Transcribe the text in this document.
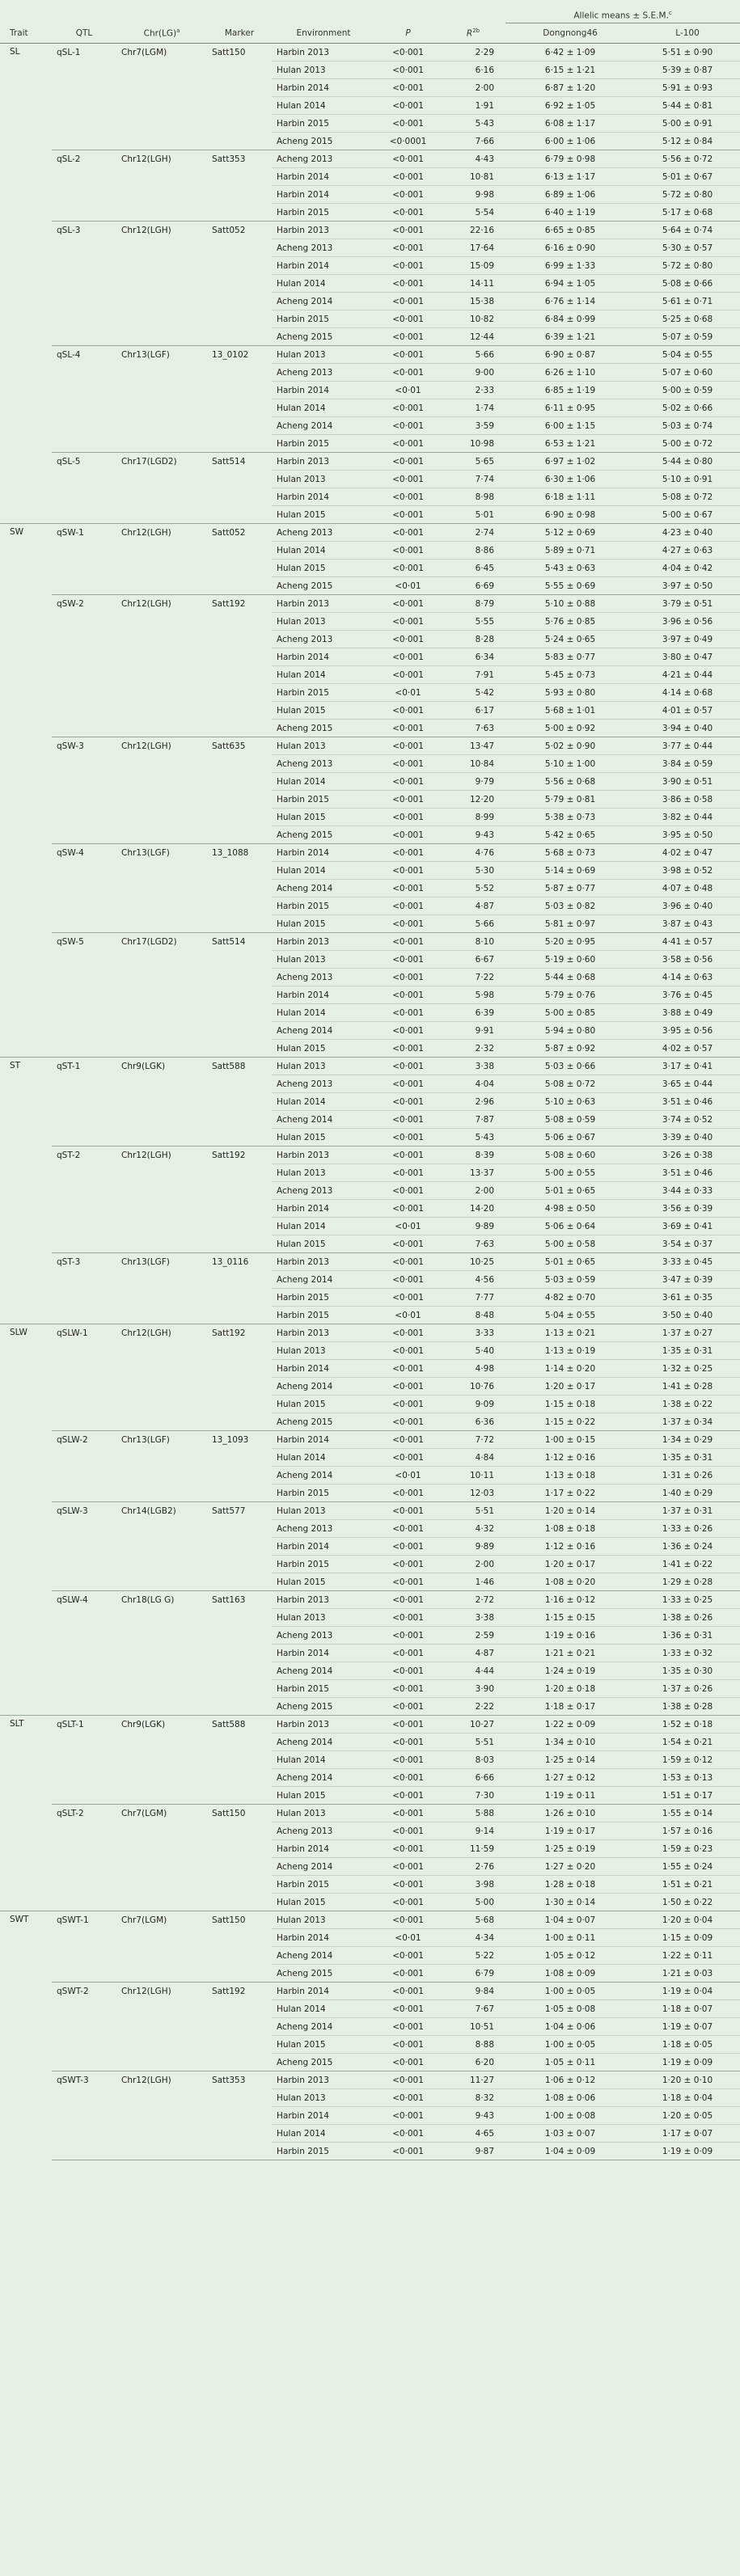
							Allelic means ± S.E.M.$^c$
Trait	QTL	Chr(LG)$^a$	Marker	Environment	P	$R^{2b}$	Dongnong46	L-100
SL	qSL-1	Chr7(LGM)	Satt150	Harbin 2013	<0·001	2·29	6·42 ± 1·09	5·51 ± 0·90
				Hulan 2013	<0·001	6·16	6·15 ± 1·21	5·39 ± 0·87
				Harbin 2014	<0·001	2·00	6·87 ± 1·20	5·91 ± 0·93
				Hulan 2014	<0·001	1·91	6·92 ± 1·05	5·44 ± 0·81
				Harbin 2015	<0·001	5·43	6·08 ± 1·17	5·00 ± 0·91
				Acheng 2015	<0·0001	7·66	6·00 ± 1·06	5·12 ± 0·84
	qSL-2	Chr12(LGH)	Satt353	Acheng 2013	<0·001	4·43	6·79 ± 0·98	5·56 ± 0·72
				Harbin 2014	<0·001	10·81	6·13 ± 1·17	5·01 ± 0·67
				Harbin 2014	<0·001	9·98	6·89 ± 1·06	5·72 ± 0·80
				Harbin 2015	<0·001	5·54	6·40 ± 1·19	5·17 ± 0·68
	qSL-3	Chr12(LGH)	Satt052	Harbin 2013	<0·001	22·16	6·65 ± 0·85	5·64 ± 0·74
				Acheng 2013	<0·001	17·64	6·16 ± 0·90	5·30 ± 0·57
				Harbin 2014	<0·001	15·09	6·99 ± 1·33	5·72 ± 0·80
				Hulan 2014	<0·001	14·11	6·94 ± 1·05	5·08 ± 0·66
				Acheng 2014	<0·001	15·38	6·76 ± 1·14	5·61 ± 0·71
				Harbin 2015	<0·001	10·82	6·84 ± 0·99	5·25 ± 0·68
				Acheng 2015	<0·001	12·44	6·39 ± 1·21	5·07 ± 0·59
	qSL-4	Chr13(LGF)	13_0102	Hulan 2013	<0·001	5·66	6·90 ± 0·87	5·04 ± 0·55
				Acheng 2013	<0·001	9·00	6·26 ± 1·10	5·07 ± 0·60
				Harbin 2014	<0·01	2·33	6·85 ± 1·19	5·00 ± 0·59
				Hulan 2014	<0·001	1·74	6·11 ± 0·95	5·02 ± 0·66
				Acheng 2014	<0·001	3·59	6·00 ± 1·15	5·03 ± 0·74
				Harbin 2015	<0·001	10·98	6·53 ± 1·21	5·00 ± 0·72
	qSL-5	Chr17(LGD2)	Satt514	Harbin 2013	<0·001	5·65	6·97 ± 1·02	5·44 ± 0·80
				Hulan 2013	<0·001	7·74	6·30 ± 1·06	5·10 ± 0·91
				Harbin 2014	<0·001	8·98	6·18 ± 1·11	5·08 ± 0·72
				Hulan 2015	<0·001	5·01	6·90 ± 0·98	5·00 ± 0·67
SW	qSW-1	Chr12(LGH)	Satt052	Acheng 2013	<0·001	2·74	5·12 ± 0·69	4·23 ± 0·40
				Hulan 2014	<0·001	8·86	5·89 ± 0·71	4·27 ± 0·63
				Hulan 2015	<0·001	6·45	5·43 ± 0·63	4·04 ± 0·42
				Acheng 2015	<0·01	6·69	5·55 ± 0·69	3·97 ± 0·50
	qSW-2	Chr12(LGH)	Satt192	Harbin 2013	<0·001	8·79	5·10 ± 0·88	3·79 ± 0·51
				Hulan 2013	<0·001	5·55	5·76 ± 0·85	3·96 ± 0·56
				Acheng 2013	<0·001	8·28	5·24 ± 0·65	3·97 ± 0·49
				Harbin 2014	<0·001	6·34	5·83 ± 0·77	3·80 ± 0·47
				Hulan 2014	<0·001	7·91	5·45 ± 0·73	4·21 ± 0·44
				Harbin 2015	<0·01	5·42	5·93 ± 0·80	4·14 ± 0·68
				Hulan 2015	<0·001	6·17	5·68 ± 1·01	4·01 ± 0·57
				Acheng 2015	<0·001	7·63	5·00 ± 0·92	3·94 ± 0·40
	qSW-3	Chr12(LGH)	Satt635	Hulan 2013	<0·001	13·47	5·02 ± 0·90	3·77 ± 0·44
				Acheng 2013	<0·001	10·84	5·10 ± 1·00	3·84 ± 0·59
				Hulan 2014	<0·001	9·79	5·56 ± 0·68	3·90 ± 0·51
				Harbin 2015	<0·001	12·20	5·79 ± 0·81	3·86 ± 0·58
				Hulan 2015	<0·001	8·99	5·38 ± 0·73	3·82 ± 0·44
				Acheng 2015	<0·001	9·43	5·42 ± 0·65	3·95 ± 0·50
	qSW-4	Chr13(LGF)	13_1088	Harbin 2014	<0·001	4·76	5·68 ± 0·73	4·02 ± 0·47
				Hulan 2014	<0·001	5·30	5·14 ± 0·69	3·98 ± 0·52
				Acheng 2014	<0·001	5·52	5·87 ± 0·77	4·07 ± 0·48
				Harbin 2015	<0·001	4·87	5·03 ± 0·82	3·96 ± 0·40
				Hulan 2015	<0·001	5·66	5·81 ± 0·97	3·87 ± 0·43
	qSW-5	Chr17(LGD2)	Satt514	Harbin 2013	<0·001	8·10	5·20 ± 0·95	4·41 ± 0·57
				Hulan 2013	<0·001	6·67	5·19 ± 0·60	3·58 ± 0·56
				Acheng 2013	<0·001	7·22	5·44 ± 0·68	4·14 ± 0·63
				Harbin 2014	<0·001	5·98	5·79 ± 0·76	3·76 ± 0·45
				Hulan 2014	<0·001	6·39	5·00 ± 0·85	3·88 ± 0·49
				Acheng 2014	<0·001	9·91	5·94 ± 0·80	3·95 ± 0·56
				Hulan 2015	<0·001	2·32	5·87 ± 0·92	4·02 ± 0·57
ST	qST-1	Chr9(LGK)	Satt588	Hulan 2013	<0·001	3·38	5·03 ± 0·66	3·17 ± 0·41
				Acheng 2013	<0·001	4·04	5·08 ± 0·72	3·65 ± 0·44
				Hulan 2014	<0·001	2·96	5·10 ± 0·63	3·51 ± 0·46
				Acheng 2014	<0·001	7·87	5·08 ± 0·59	3·74 ± 0·52
				Hulan 2015	<0·001	5·43	5·06 ± 0·67	3·39 ± 0·40
	qST-2	Chr12(LGH)	Satt192	Harbin 2013	<0·001	8·39	5·08 ± 0·60	3·26 ± 0·38
				Hulan 2013	<0·001	13·37	5·00 ± 0·55	3·51 ± 0·46
				Acheng 2013	<0·001	2·00	5·01 ± 0·65	3·44 ± 0·33
				Harbin 2014	<0·001	14·20	4·98 ± 0·50	3·56 ± 0·39
				Hulan 2014	<0·01	9·89	5·06 ± 0·64	3·69 ± 0·41
				Hulan 2015	<0·001	7·63	5·00 ± 0·58	3·54 ± 0·37
	qST-3	Chr13(LGF)	13_0116	Harbin 2013	<0·001	10·25	5·01 ± 0·65	3·33 ± 0·45
				Acheng 2014	<0·001	4·56	5·03 ± 0·59	3·47 ± 0·39
				Harbin 2015	<0·001	7·77	4·82 ± 0·70	3·61 ± 0·35
				Harbin 2015	<0·01	8·48	5·04 ± 0·55	3·50 ± 0·40
SLW	qSLW-1	Chr12(LGH)	Satt192	Harbin 2013	<0·001	3·33	1·13 ± 0·21	1·37 ± 0·27
				Hulan 2013	<0·001	5·40	1·13 ± 0·19	1·35 ± 0·31
				Harbin 2014	<0·001	4·98	1·14 ± 0·20	1·32 ± 0·25
				Acheng 2014	<0·001	10·76	1·20 ± 0·17	1·41 ± 0·28
				Hulan 2015	<0·001	9·09	1·15 ± 0·18	1·38 ± 0·22
				Acheng 2015	<0·001	6·36	1·15 ± 0·22	1·37 ± 0·34
	qSLW-2	Chr13(LGF)	13_1093	Harbin 2014	<0·001	7·72	1·00 ± 0·15	1·34 ± 0·29
				Hulan 2014	<0·001	4·84	1·12 ± 0·16	1·35 ± 0·31
				Acheng 2014	<0·01	10·11	1·13 ± 0·18	1·31 ± 0·26
				Harbin 2015	<0·001	12·03	1·17 ± 0·22	1·40 ± 0·29
	qSLW-3	Chr14(LGB2)	Satt577	Hulan 2013	<0·001	5·51	1·20 ± 0·14	1·37 ± 0·31
				Acheng 2013	<0·001	4·32	1·08 ± 0·18	1·33 ± 0·26
				Harbin 2014	<0·001	9·89	1·12 ± 0·16	1·36 ± 0·24
				Harbin 2015	<0·001	2·00	1·20 ± 0·17	1·41 ± 0·22
				Hulan 2015	<0·001	1·46	1·08 ± 0·20	1·29 ± 0·28
	qSLW-4	Chr18(LG G)	Satt163	Harbin 2013	<0·001	2·72	1·16 ± 0·12	1·33 ± 0·25
				Hulan 2013	<0·001	3·38	1·15 ± 0·15	1·38 ± 0·26
				Acheng 2013	<0·001	2·59	1·19 ± 0·16	1·36 ± 0·31
				Harbin 2014	<0·001	4·87	1·21 ± 0·21	1·33 ± 0·32
				Acheng 2014	<0·001	4·44	1·24 ± 0·19	1·35 ± 0·30
				Harbin 2015	<0·001	3·90	1·20 ± 0·18	1·37 ± 0·26
				Acheng 2015	<0·001	2·22	1·18 ± 0·17	1·38 ± 0·28
SLT	qSLT-1	Chr9(LGK)	Satt588	Harbin 2013	<0·001	10·27	1·22 ± 0·09	1·52 ± 0·18
				Acheng 2014	<0·001	5·51	1·34 ± 0·10	1·54 ± 0·21
				Hulan 2014	<0·001	8·03	1·25 ± 0·14	1·59 ± 0·12
				Acheng 2014	<0·001	6·66	1·27 ± 0·12	1·53 ± 0·13
				Hulan 2015	<0·001	7·30	1·19 ± 0·11	1·51 ± 0·17
	qSLT-2	Chr7(LGM)	Satt150	Hulan 2013	<0·001	5·88	1·26 ± 0·10	1·55 ± 0·14
				Acheng 2013	<0·001	9·14	1·19 ± 0·17	1·57 ± 0·16
				Harbin 2014	<0·001	11·59	1·25 ± 0·19	1·59 ± 0·23
				Acheng 2014	<0·001	2·76	1·27 ± 0·20	1·55 ± 0·24
				Harbin 2015	<0·001	3·98	1·28 ± 0·18	1·51 ± 0·21
				Hulan 2015	<0·001	5·00	1·30 ± 0·14	1·50 ± 0·22
SWT	qSWT-1	Chr7(LGM)	Satt150	Hulan 2013	<0·001	5·68	1·04 ± 0·07	1·20 ± 0·04
				Harbin 2014	<0·01	4·34	1·00 ± 0·11	1·15 ± 0·09
				Acheng 2014	<0·001	5·22	1·05 ± 0·12	1·22 ± 0·11
				Acheng 2015	<0·001	6·79	1·08 ± 0·09	1·21 ± 0·03
	qSWT-2	Chr12(LGH)	Satt192	Harbin 2014	<0·001	9·84	1·00 ± 0·05	1·19 ± 0·04
				Hulan 2014	<0·001	7·67	1·05 ± 0·08	1·18 ± 0·07
				Acheng 2014	<0·001	10·51	1·04 ± 0·06	1·19 ± 0·07
				Hulan 2015	<0·001	8·88	1·00 ± 0·05	1·18 ± 0·05
				Acheng 2015	<0·001	6·20	1·05 ± 0·11	1·19 ± 0·09
	qSWT-3	Chr12(LGH)	Satt353	Harbin 2013	<0·001	11·27	1·06 ± 0·12	1·20 ± 0·10
				Hulan 2013	<0·001	8·32	1·08 ± 0·06	1·18 ± 0·04
				Harbin 2014	<0·001	9·43	1·00 ± 0·08	1·20 ± 0·05
				Hulan 2014	<0·001	4·65	1·03 ± 0·07	1·17 ± 0·07
				Harbin 2015	<0·001	9·87	1·04 ± 0·09	1·19 ± 0·09
